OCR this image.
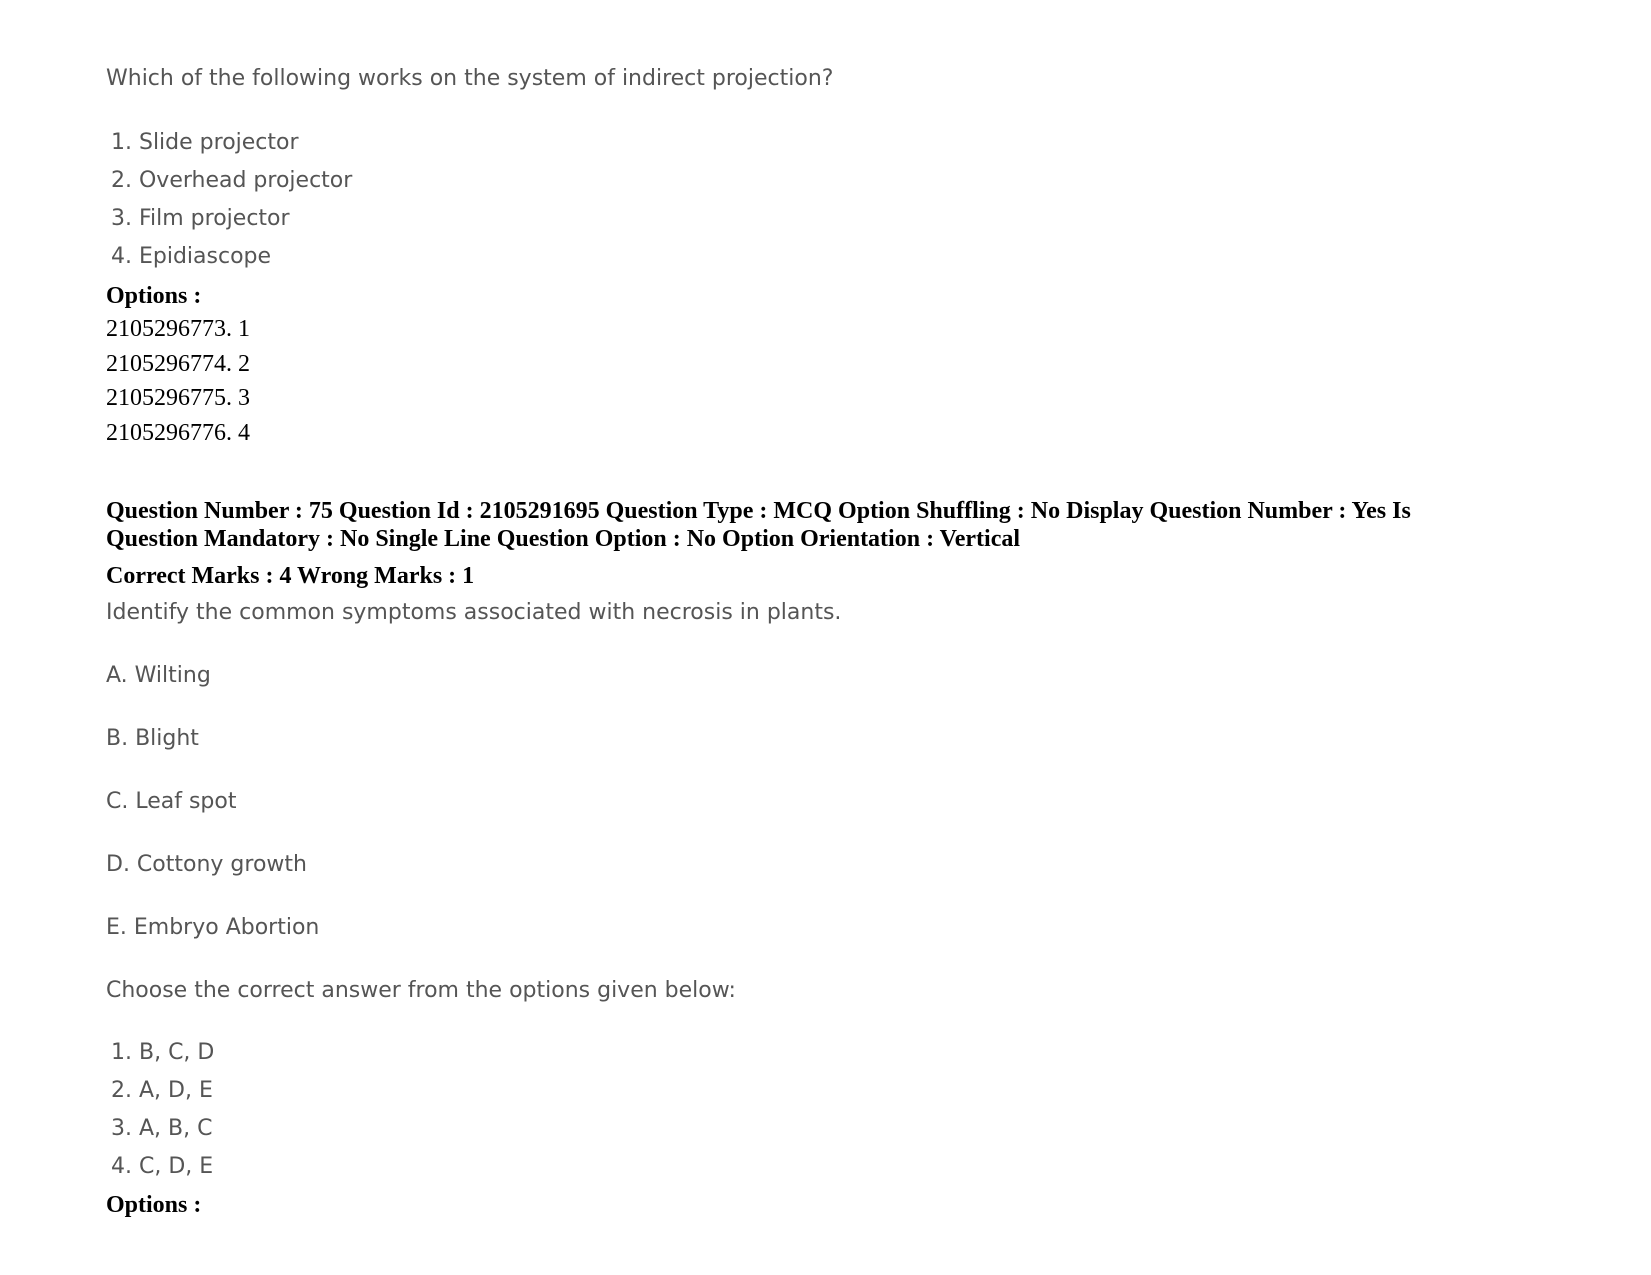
Which of the following works on the system of indirect projection?
1. Slide projector
2. Overhead projector
3. Film projector
4. Epidiascope
Options :
2105296773. 1
2105296774. 2
2105296775. 3
2105296776. 4
Question Number : 75 Question Id : 2105291695 Question Type : MCQ Option Shuffling : No Display Question Number : Yes Is
Question Mandatory : No Single Line Question Option : No Option Orientation : Vertical
Correct Marks : 4 Wrong Marks : 1
Identify the common symptoms associated with necrosis in plants.
A. Wilting
B. Blight
C. Leaf spot
D. Cottony growth
E. Embryo Abortion
Choose the correct answer from the options given below:
1. B, C, D
2. A, D, E
3. A, B, C
4. C, D, E
Options :
